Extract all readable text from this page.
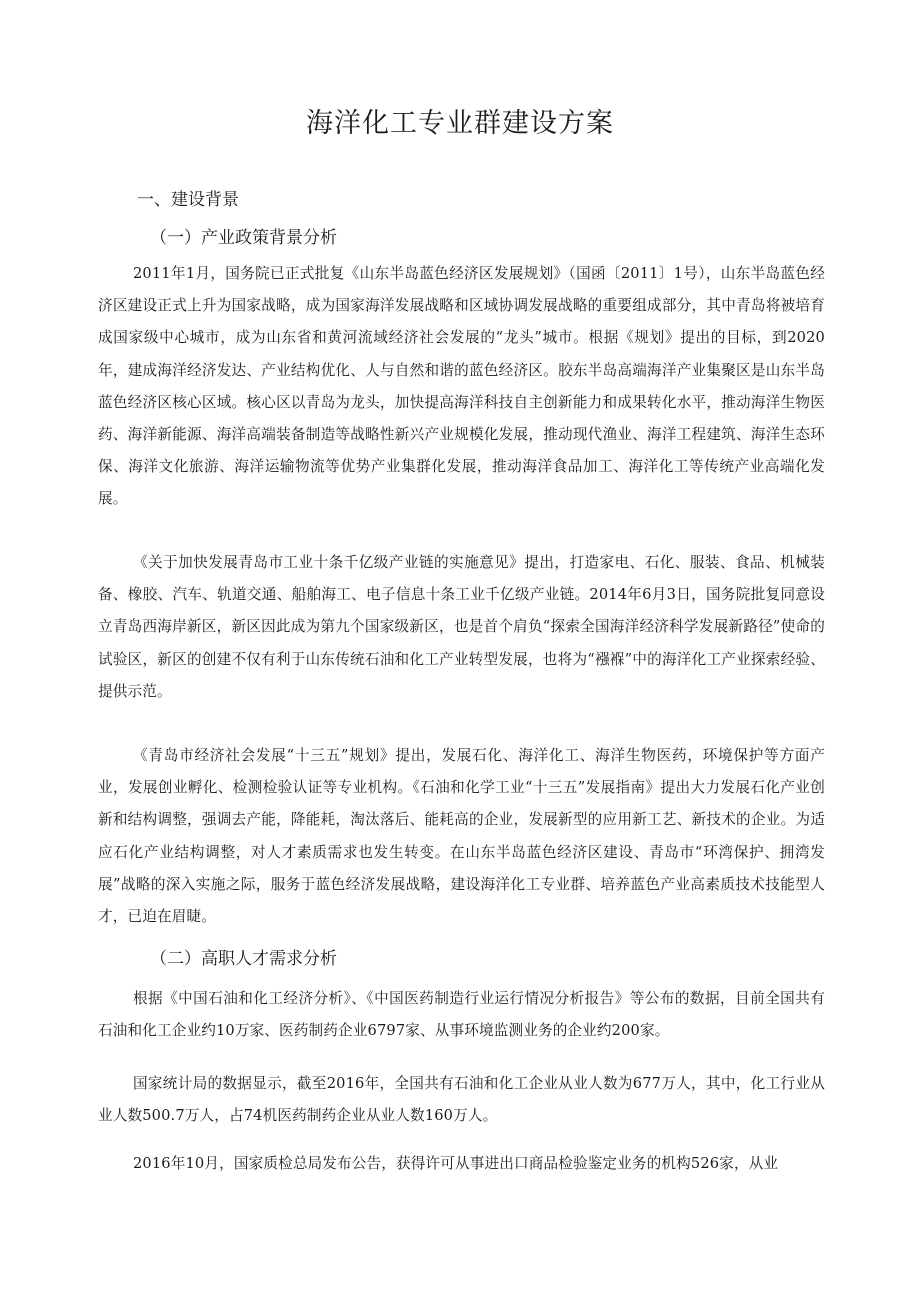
海洋化工专业群建设方案
一、建设背景
（一）产业政策背景分析

2011年1月，国务院已正式批复《山东半岛蓝色经济区发展规划》（国函〔2011〕1号），山东半岛蓝色经济区建设正式上升为国家战略，成为国家海洋发展战略和区域协调发展战略的重要组成部分，其中青岛将被培育成国家级中心城市，成为山东省和黄河流域经济社会发展的“龙头”城市。根据《规划》提出的目标，到2020年，建成海洋经济发达、产业结构优化、人与自然和谐的蓝色经济区。胶东半岛高端海洋产业集聚区是山东半岛蓝色经济区核心区域。核心区以青岛为龙头，加快提高海洋科技自主创新能力和成果转化水平，推动海洋生物医药、海洋新能源、海洋高端装备制造等战略性新兴产业规模化发展，推动现代渔业、海洋工程建筑、海洋生态环保、海洋文化旅游、海洋运输物流等优势产业集群化发展，推动海洋食品加工、海洋化工等传统产业高端化发展。

《关于加快发展青岛市工业十条千亿级产业链的实施意见》提出，打造家电、石化、服装、食品、机械装备、橡胶、汽车、轨道交通、船舶海工、电子信息十条工业千亿级产业链。2014年6月3日，国务院批复同意设立青岛西海岸新区，新区因此成为第九个国家级新区，也是首个肩负“探索全国海洋经济科学发展新路径”使命的试验区，新区的创建不仅有利于山东传统石油和化工产业转型发展，也将为“襁褓”中的海洋化工产业探索经验、提供示范。

《青岛市经济社会发展“十三五”规划》提出，发展石化、海洋化工、海洋生物医药，环境保护等方面产业，发展创业孵化、检测检验认证等专业机构。《石油和化学工业“十三五”发展指南》提出大力发展石化产业创新和结构调整，强调去产能，降能耗，淘汰落后、能耗高的企业，发展新型的应用新工艺、新技术的企业。为适应石化产业结构调整，对人才素质需求也发生转变。在山东半岛蓝色经济区建设、青岛市“环湾保护、拥湾发展”战略的深入实施之际，服务于蓝色经济发展战略，建设海洋化工专业群、培养蓝色产业高素质技术技能型人才，已迫在眉睫。

（二）高职人才需求分析

根据《中国石油和化工经济分析》、《中国医药制造行业运行情况分析报告》等公布的数据，目前全国共有石油和化工企业约10万家、医药制药企业6797家、从事环境监测业务的企业约200家。

国家统计局的数据显示，截至2016年，全国共有石油和化工企业从业人数为677万人，其中，化工行业从业人数500.7万人，占74机医药制药企业从业人数160万人。

2016年10月，国家质检总局发布公告，获得许可从事进出口商品检验鉴定业务的机构526家，从业
